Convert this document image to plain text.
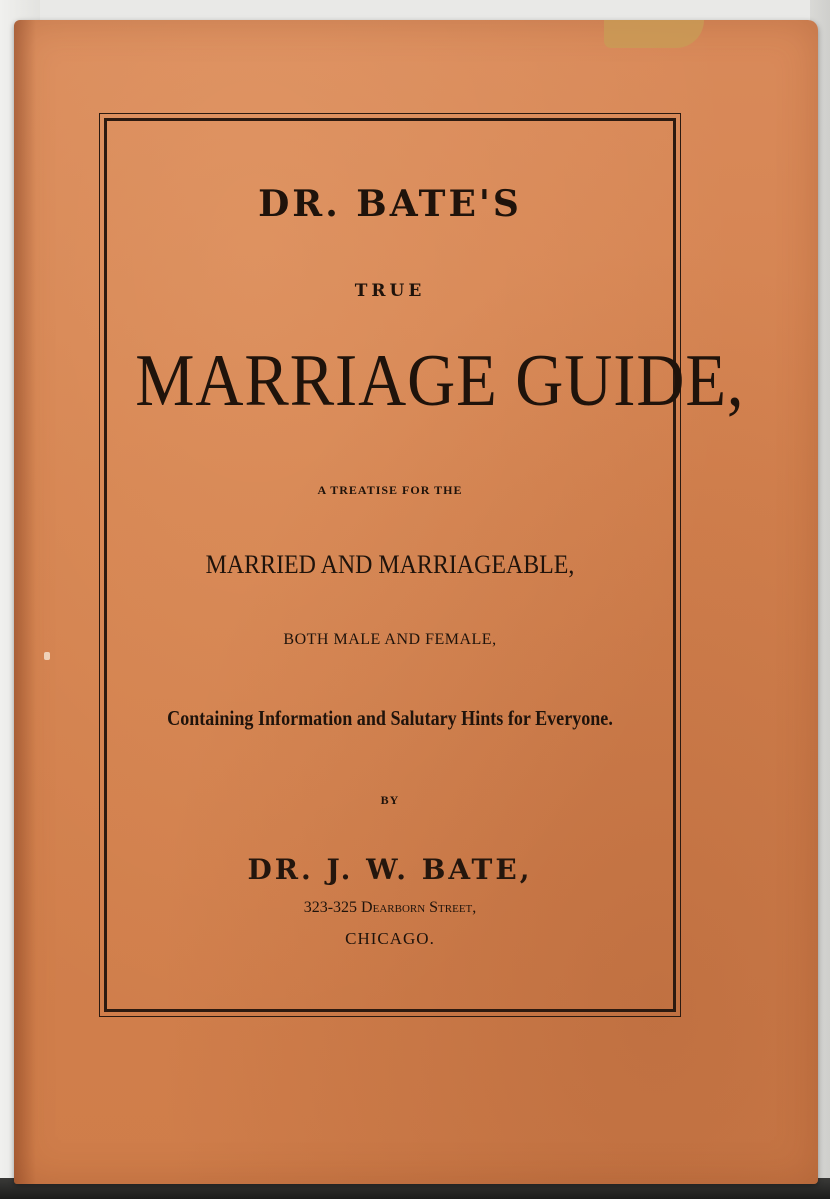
DR. BATE'S
TRUE
MARRIAGE GUIDE,
A TREATISE FOR THE
MARRIED AND MARRIAGEABLE,
BOTH MALE AND FEMALE,
Containing Information and Salutary Hints for Everyone.
BY
DR. J. W. BATE,
323-325 Dearborn Street,
CHICAGO.
